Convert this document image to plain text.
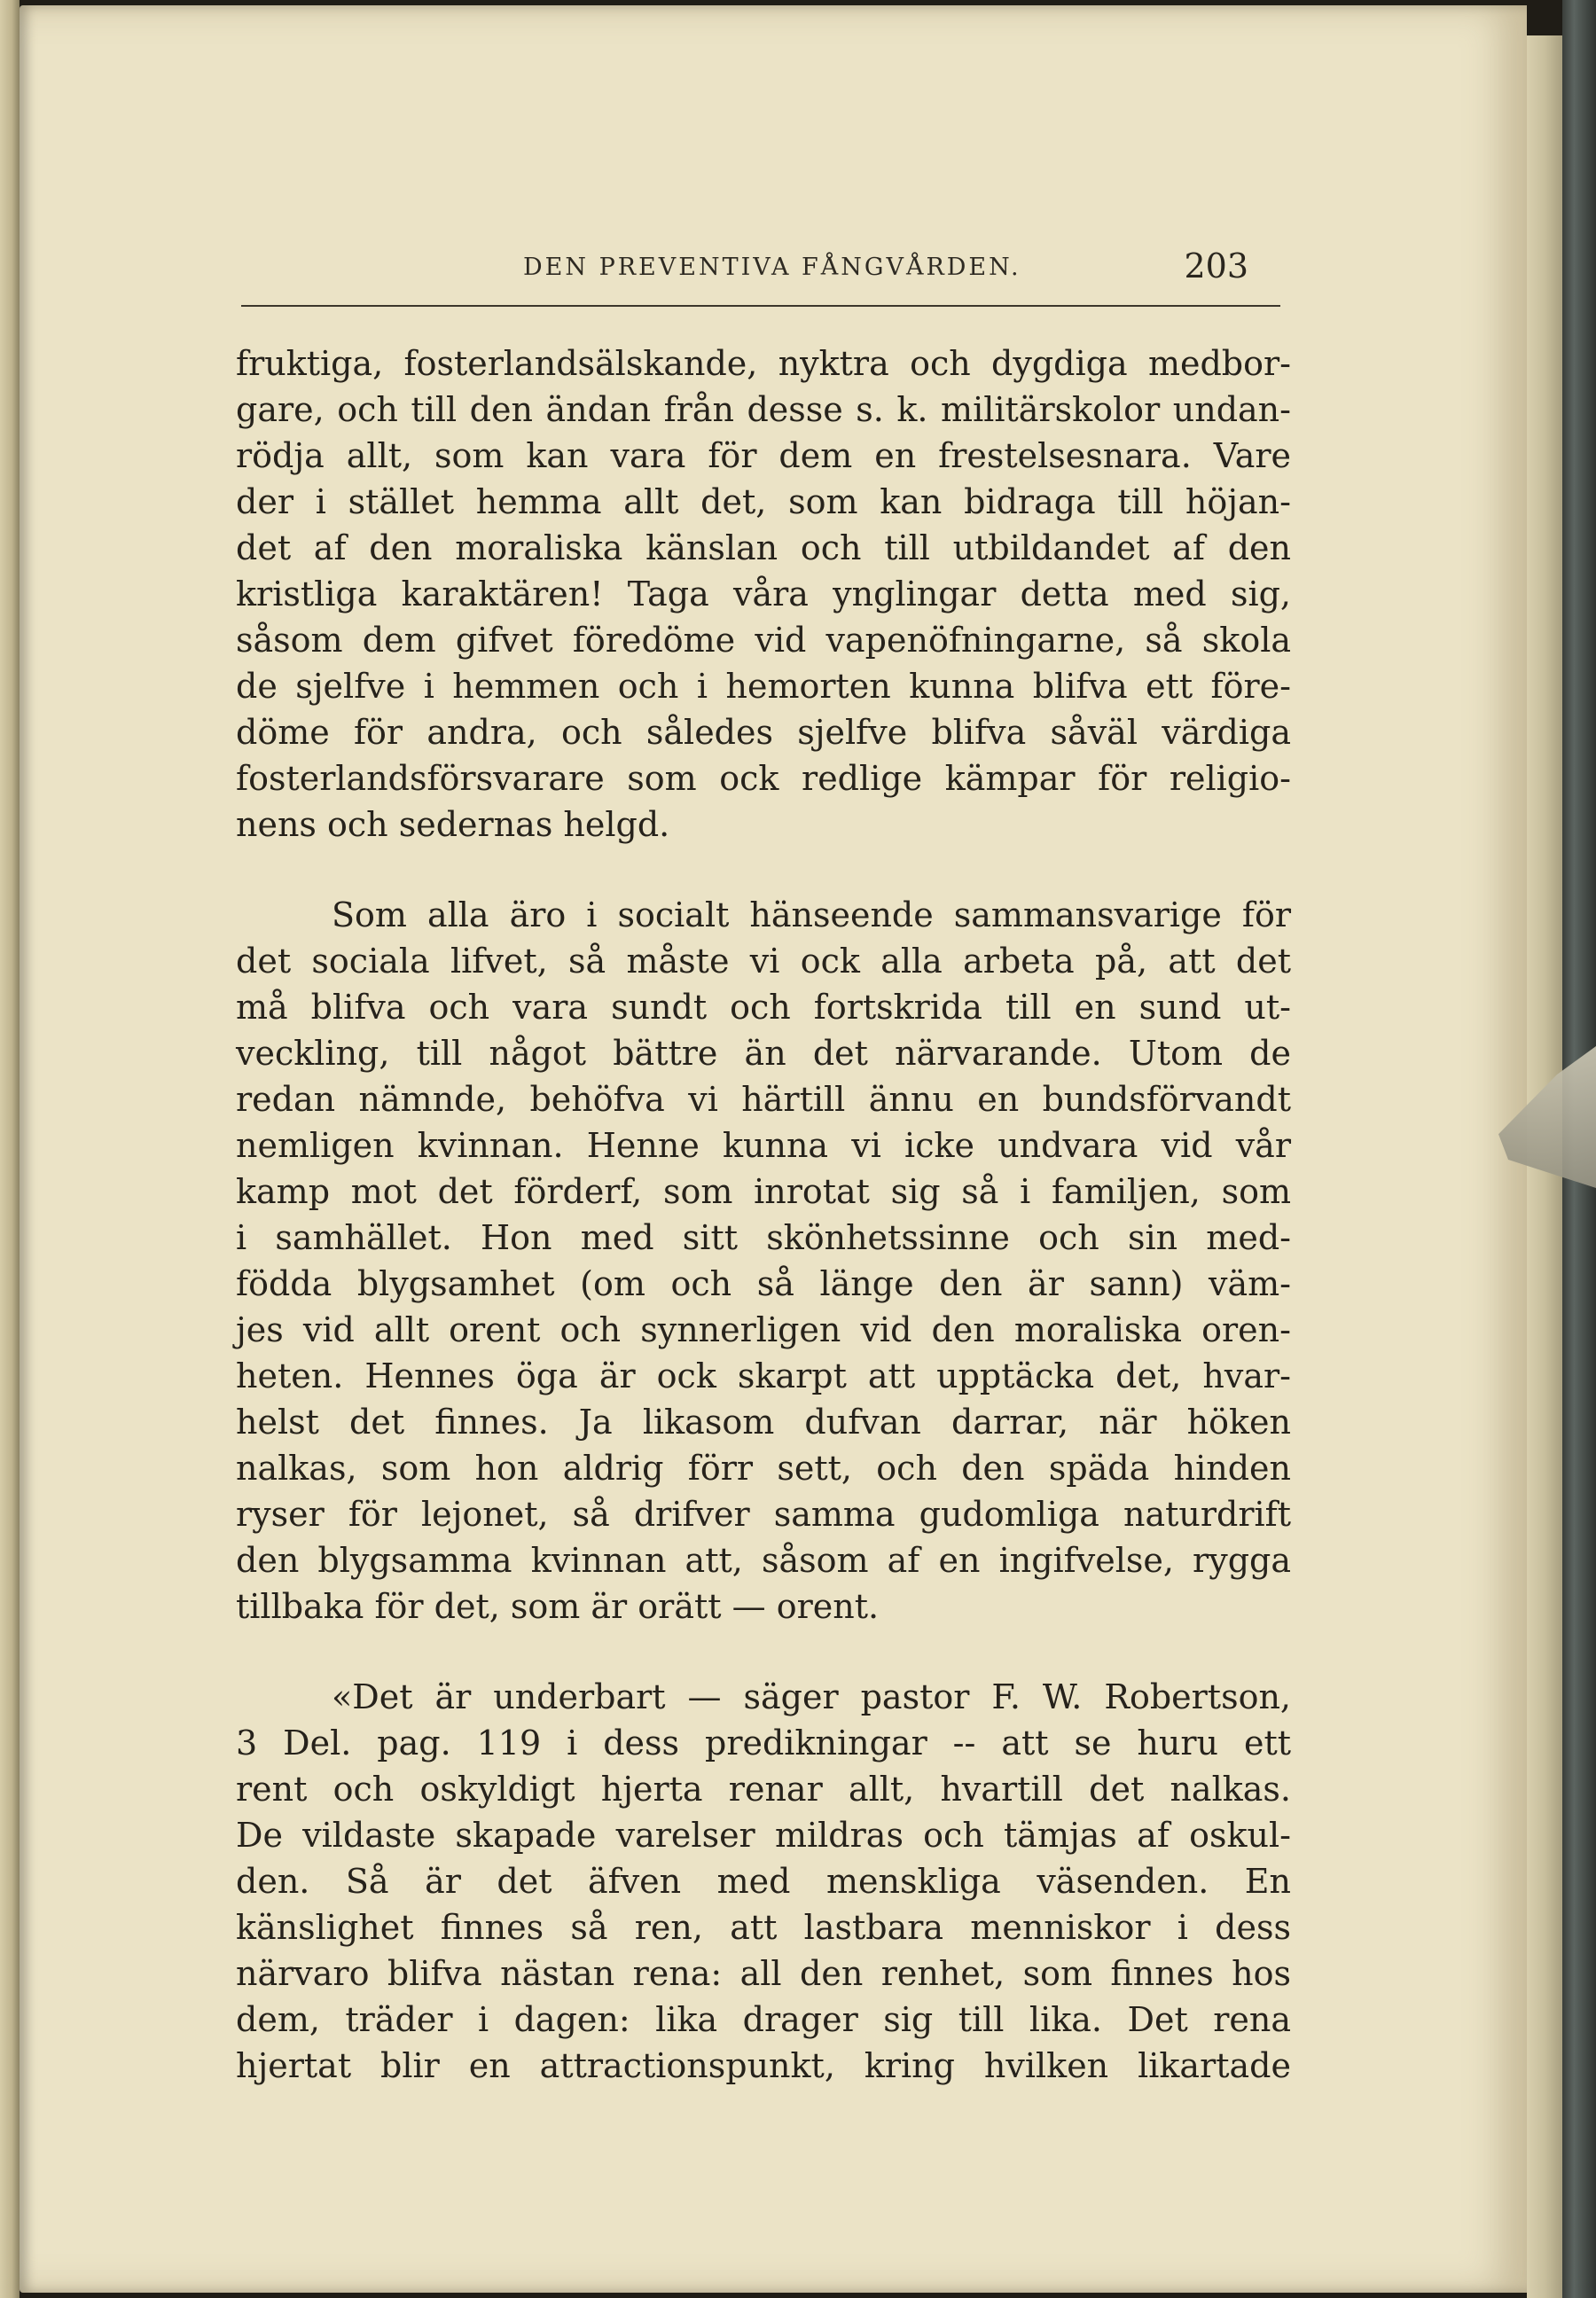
DEN PREVENTIVA FÅNGVÅRDEN.	203
fruktiga, fosterlandsälskande, nyktra och dygdiga medbor-
gare, och till den ändan från desse s. k. militärskolor undan-
rödja allt, som kan vara för dem en frestelsesnara. Vare
der i stället hemma allt det, som kan bidraga till höjan-
det af den moraliska känslan och till utbildandet af den
kristliga karaktären! Taga våra ynglingar detta med sig,
såsom dem gifvet föredöme vid vapenöfningarne, så skola
de sjelfve i hemmen och i hemorten kunna blifva ett före-
döme för andra, och således sjelfve blifva såväl värdiga
fosterlandsförsvarare som ock redlige kämpar för religio-
nens och sedernas helgd.
Som alla äro i socialt hänseende sammansvarige för
det sociala lifvet, så måste vi ock alla arbeta på, att det
må blifva och vara sundt och fortskrida till en sund ut-
veckling, till något bättre än det närvarande. Utom de
redan nämnde, behöfva vi härtill ännu en bundsförvandt
nemligen kvinnan. Henne kunna vi icke undvara vid vår
kamp mot det förderf, som inrotat sig så i familjen, som
i samhället. Hon med sitt skönhetssinne och sin med-
födda blygsamhet (om och så länge den är sann) väm-
jes vid allt orent och synnerligen vid den moraliska oren-
heten. Hennes öga är ock skarpt att upptäcka det, hvar-
helst det finnes. Ja likasom dufvan darrar, när höken
nalkas, som hon aldrig förr sett, och den späda hinden
ryser för lejonet, så drifver samma gudomliga naturdrift
den blygsamma kvinnan att, såsom af en ingifvelse, rygga
tillbaka för det, som är orätt — orent.
«Det är underbart — säger pastor F. W. Robertson,
3 Del. pag. 119 i dess predikningar -- att se huru ett
rent och oskyldigt hjerta renar allt, hvartill det nalkas.
De vildaste skapade varelser mildras och tämjas af oskul-
den. Så är det äfven med menskliga väsenden. En
känslighet finnes så ren, att lastbara menniskor i dess
närvaro blifva nästan rena: all den renhet, som finnes hos
dem, träder i dagen: lika drager sig till lika. Det rena
hjertat blir en attractionspunkt, kring hvilken likartade
